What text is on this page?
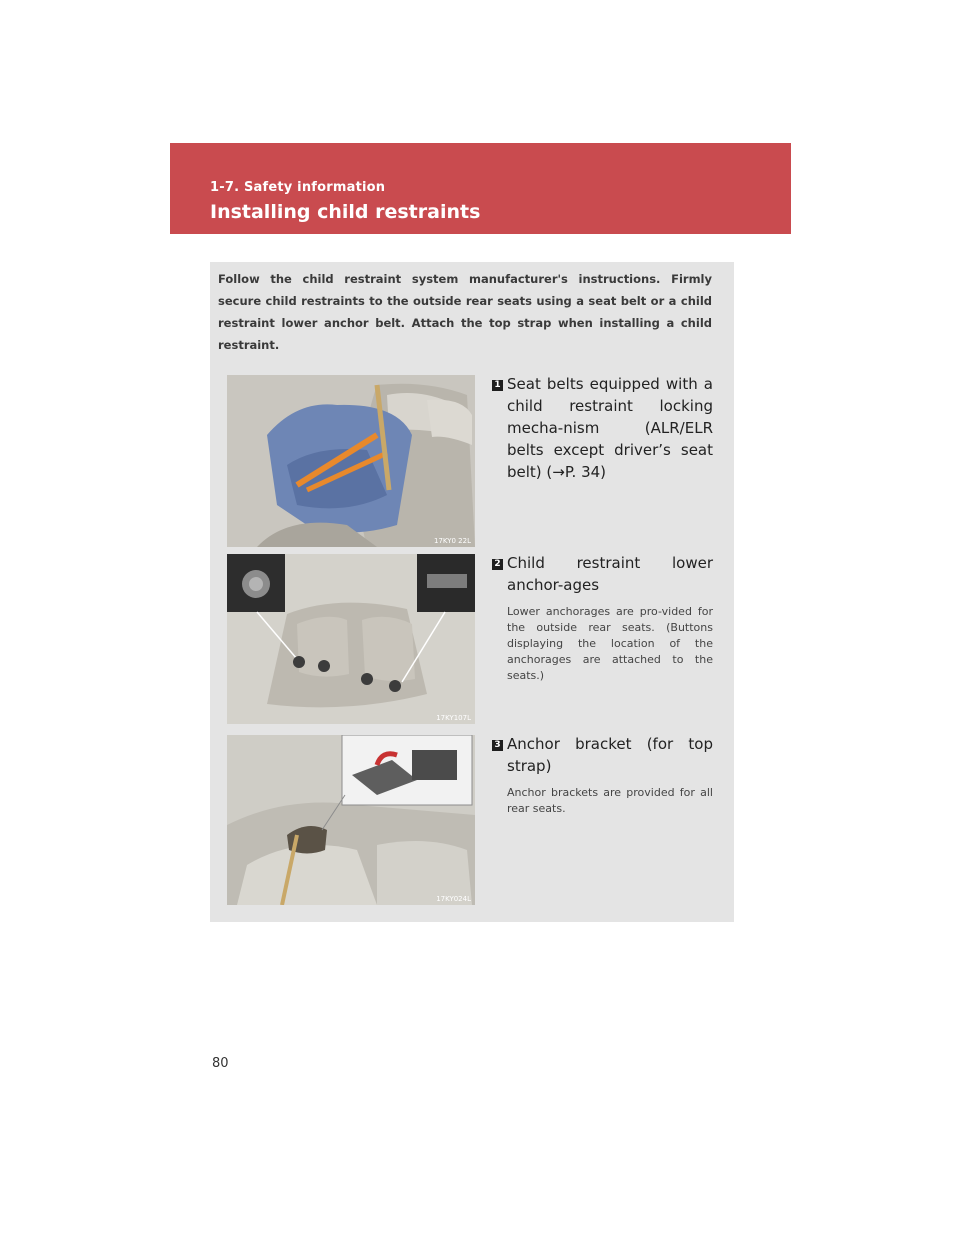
1-7. Safety information
Installing child restraints
Follow the child restraint system manufacturer's instructions. Firmly secure child restraints to the outside rear seats using a seat belt or a child restraint lower anchor belt. Attach the top strap when installing a child restraint.
17KY0 22L
1 Seat belts equipped with a child restraint locking mecha-nism (ALR/ELR belts except driver’s seat belt) (→P. 34)
17KY107L
2 Child restraint lower anchor-ages
Lower anchorages are pro-vided for the outside rear seats. (Buttons displaying the location of the anchorages are attached to the seats.)
17KY024L
3 Anchor bracket (for top strap)
Anchor brackets are provided for all rear seats.
80
